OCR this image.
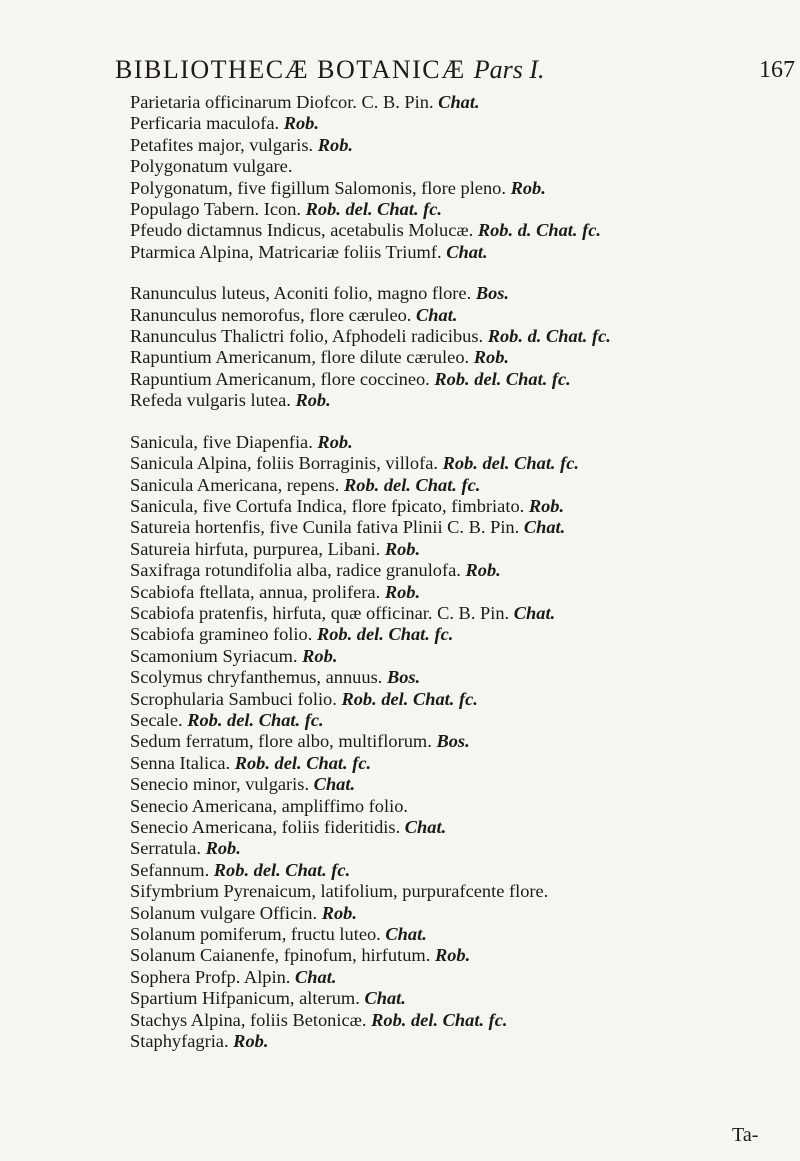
BIBLIOTHECÆ BOTANICÆ Pars I.	167

Parietaria officinarum Diofcor. C. B. Pin. Chat.

Perficaria maculofa. Rob.

Petafites major, vulgaris. Rob.

Polygonatum vulgare.

Polygonatum, five figillum Salomonis, flore pleno. Rob.

Populago Tabern. Icon. Rob. del. Chat. fc.

Pfeudo dictamnus Indicus, acetabulis Molucæ. Rob. d. Chat. fc.

Ptarmica Alpina, Matricariæ foliis Triumf. Chat.

Ranunculus luteus, Aconiti folio, magno flore. Bos.

Ranunculus nemorofus, flore cæruleo. Chat.

Ranunculus Thalictri folio, Afphodeli radicibus. Rob. d. Chat. fc.

Rapuntium Americanum, flore dilute cæruleo. Rob.

Rapuntium Americanum, flore coccineo. Rob. del. Chat. fc.

Refeda vulgaris lutea. Rob.

Sanicula, five Diapenfia. Rob.

Sanicula Alpina, foliis Borraginis, villofa. Rob. del. Chat. fc.

Sanicula Americana, repens. Rob. del. Chat. fc.

Sanicula, five Cortufa Indica, flore fpicato, fimbriato. Rob.

Satureia hortenfis, five Cunila fativa Plinii C. B. Pin. Chat.

Satureia hirfuta, purpurea, Libani. Rob.

Saxifraga rotundifolia alba, radice granulofa. Rob.

Scabiofa ftellata, annua, prolifera. Rob.

Scabiofa pratenfis, hirfuta, quæ officinar. C. B. Pin. Chat.

Scabiofa gramineo folio. Rob. del. Chat. fc.

Scamonium Syriacum. Rob.

Scolymus chryfanthemus, annuus. Bos.

Scrophularia Sambuci folio. Rob. del. Chat. fc.

Secale. Rob. del. Chat. fc.

Sedum ferratum, flore albo, multiflorum. Bos.

Senna Italica. Rob. del. Chat. fc.

Senecio minor, vulgaris. Chat.

Senecio Americana, ampliffimo folio.

Senecio Americana, foliis fideritidis. Chat.

Serratula. Rob.

Sefannum. Rob. del. Chat. fc.

Sifymbrium Pyrenaicum, latifolium, purpurafcente flore.

Solanum vulgare Officin. Rob.

Solanum pomiferum, fructu luteo. Chat.

Solanum Caianenfe, fpinofum, hirfutum. Rob.

Sophera Profp. Alpin. Chat.

Spartium Hifpanicum, alterum. Chat.

Stachys Alpina, foliis Betonicæ. Rob. del. Chat. fc.

Staphyfagria. Rob.

Ta-
